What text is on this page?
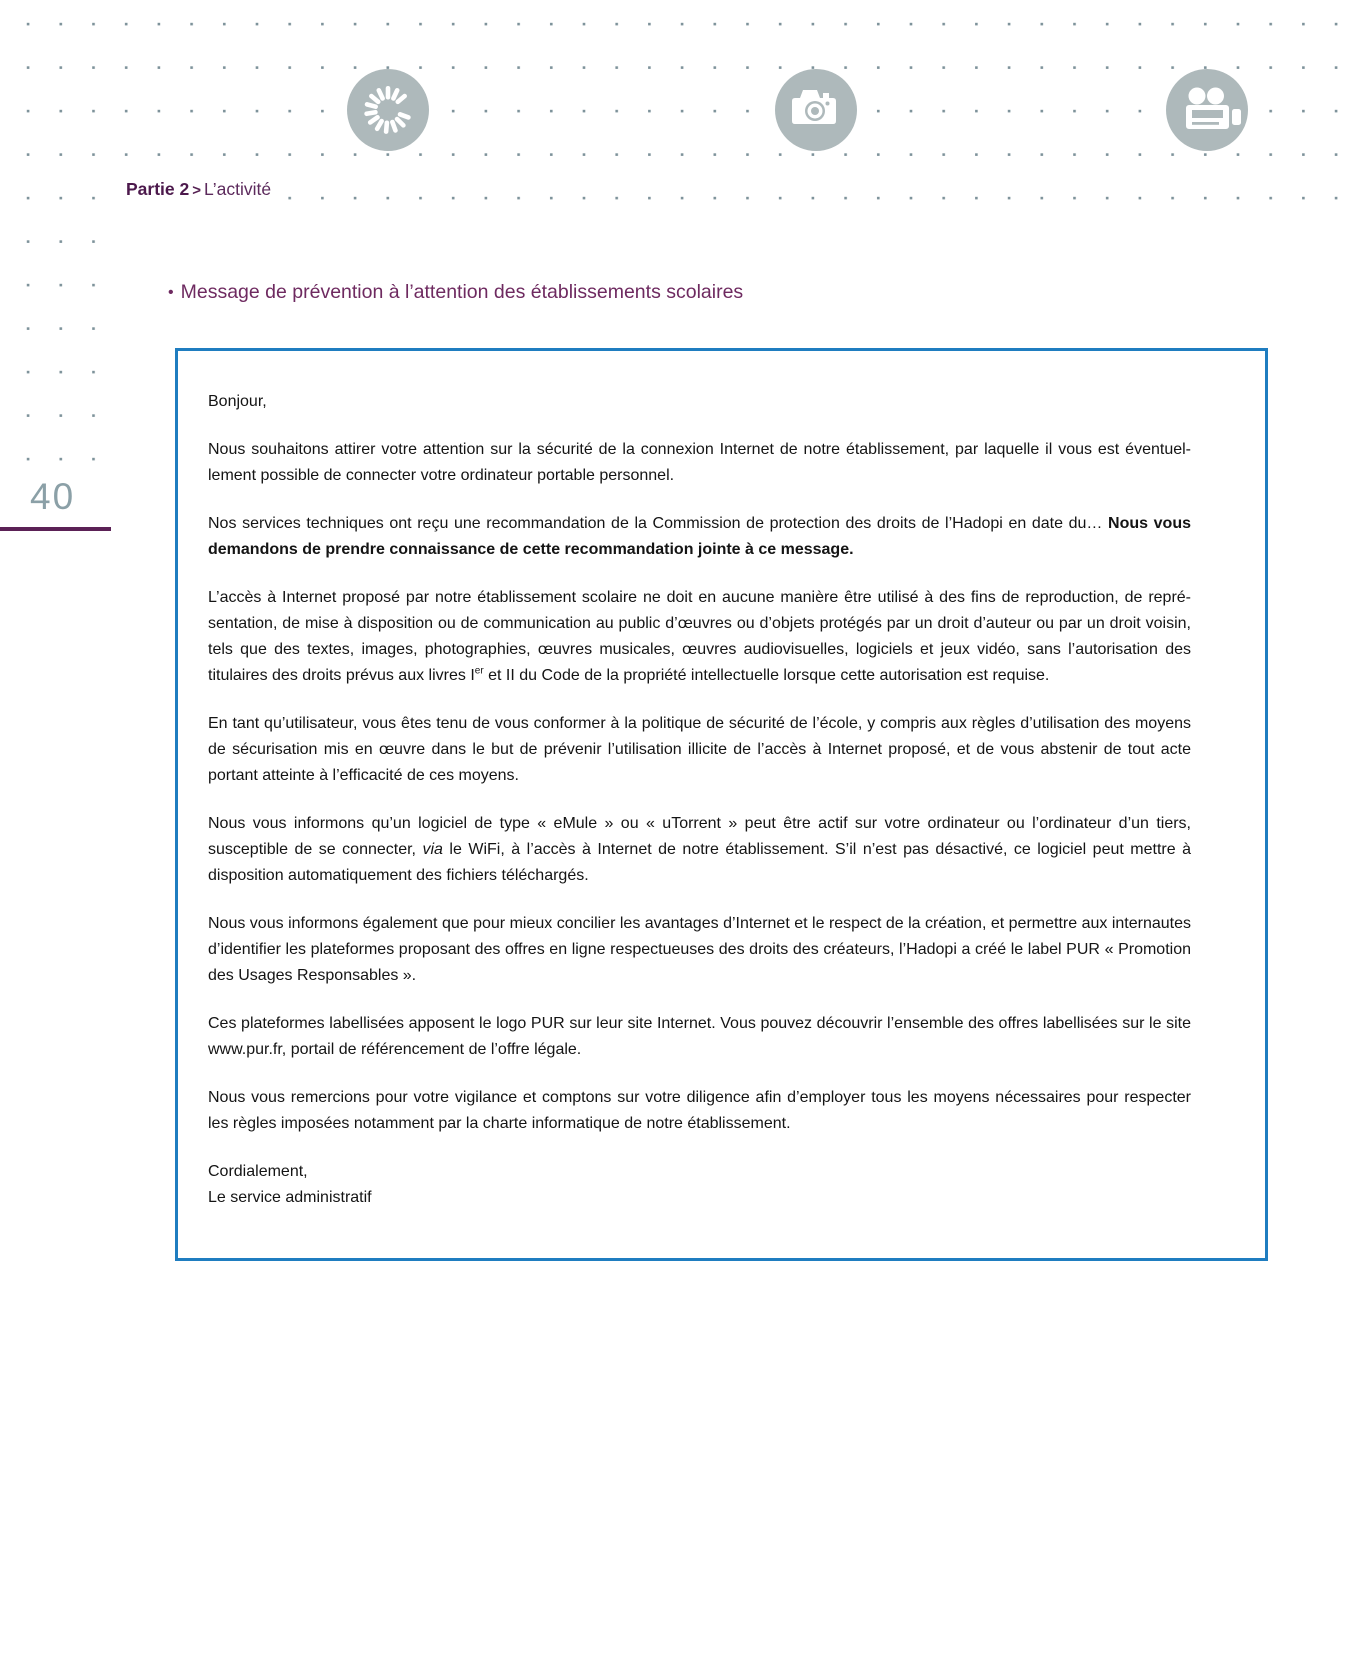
Partie 2 > L’activité
40
• Message de prévention à l’attention des établissements scolaires

Bonjour,

Nous souhaitons attirer votre attention sur la sécurité de la connexion Internet de notre établissement, par laquelle il vous est éventuellement possible de connecter votre ordinateur portable personnel.

Nos services techniques ont reçu une recommandation de la Commission de protection des droits de l’Hadopi en date du… Nous vous demandons de prendre connaissance de cette recommandation jointe à ce message.

L’accès à Internet proposé par notre établissement scolaire ne doit en aucune manière être utilisé à des fins de reproduction, de représentation, de mise à disposition ou de communication au public d’œuvres ou d’objets protégés par un droit d’auteur ou par un droit voisin, tels que des textes, images, photographies, œuvres musicales, œuvres audiovisuelles, logiciels et jeux vidéo, sans l’autorisation des titulaires des droits prévus aux livres Ier et II du Code de la propriété intellectuelle lorsque cette autorisation est requise.

En tant qu’utilisateur, vous êtes tenu de vous conformer à la politique de sécurité de l’école, y compris aux règles d’utilisation des moyens de sécurisation mis en œuvre dans le but de prévenir l’utilisation illicite de l’accès à Internet proposé, et de vous abstenir de tout acte portant atteinte à l’efficacité de ces moyens.

Nous vous informons qu’un logiciel de type « eMule » ou « uTorrent » peut être actif sur votre ordinateur ou l’ordinateur d’un tiers, susceptible de se connecter, via le WiFi, à l’accès à Internet de notre établissement. S’il n’est pas désactivé, ce logiciel peut mettre à disposition automatiquement des fichiers téléchargés.

Nous vous informons également que pour mieux concilier les avantages d’Internet et le respect de la création, et permettre aux internautes d’identifier les plateformes proposant des offres en ligne respectueuses des droits des créateurs, l’Hadopi a créé le label PUR « Promotion des Usages Responsables ».

Ces plateformes labellisées apposent le logo PUR sur leur site Internet. Vous pouvez découvrir l’ensemble des offres labellisées sur le site www.pur.fr, portail de référencement de l’offre légale.

Nous vous remercions pour votre vigilance et comptons sur votre diligence afin d’employer tous les moyens nécessaires pour respecter les règles imposées notamment par la charte informatique de notre établissement.

Cordialement,
Le service administratif
